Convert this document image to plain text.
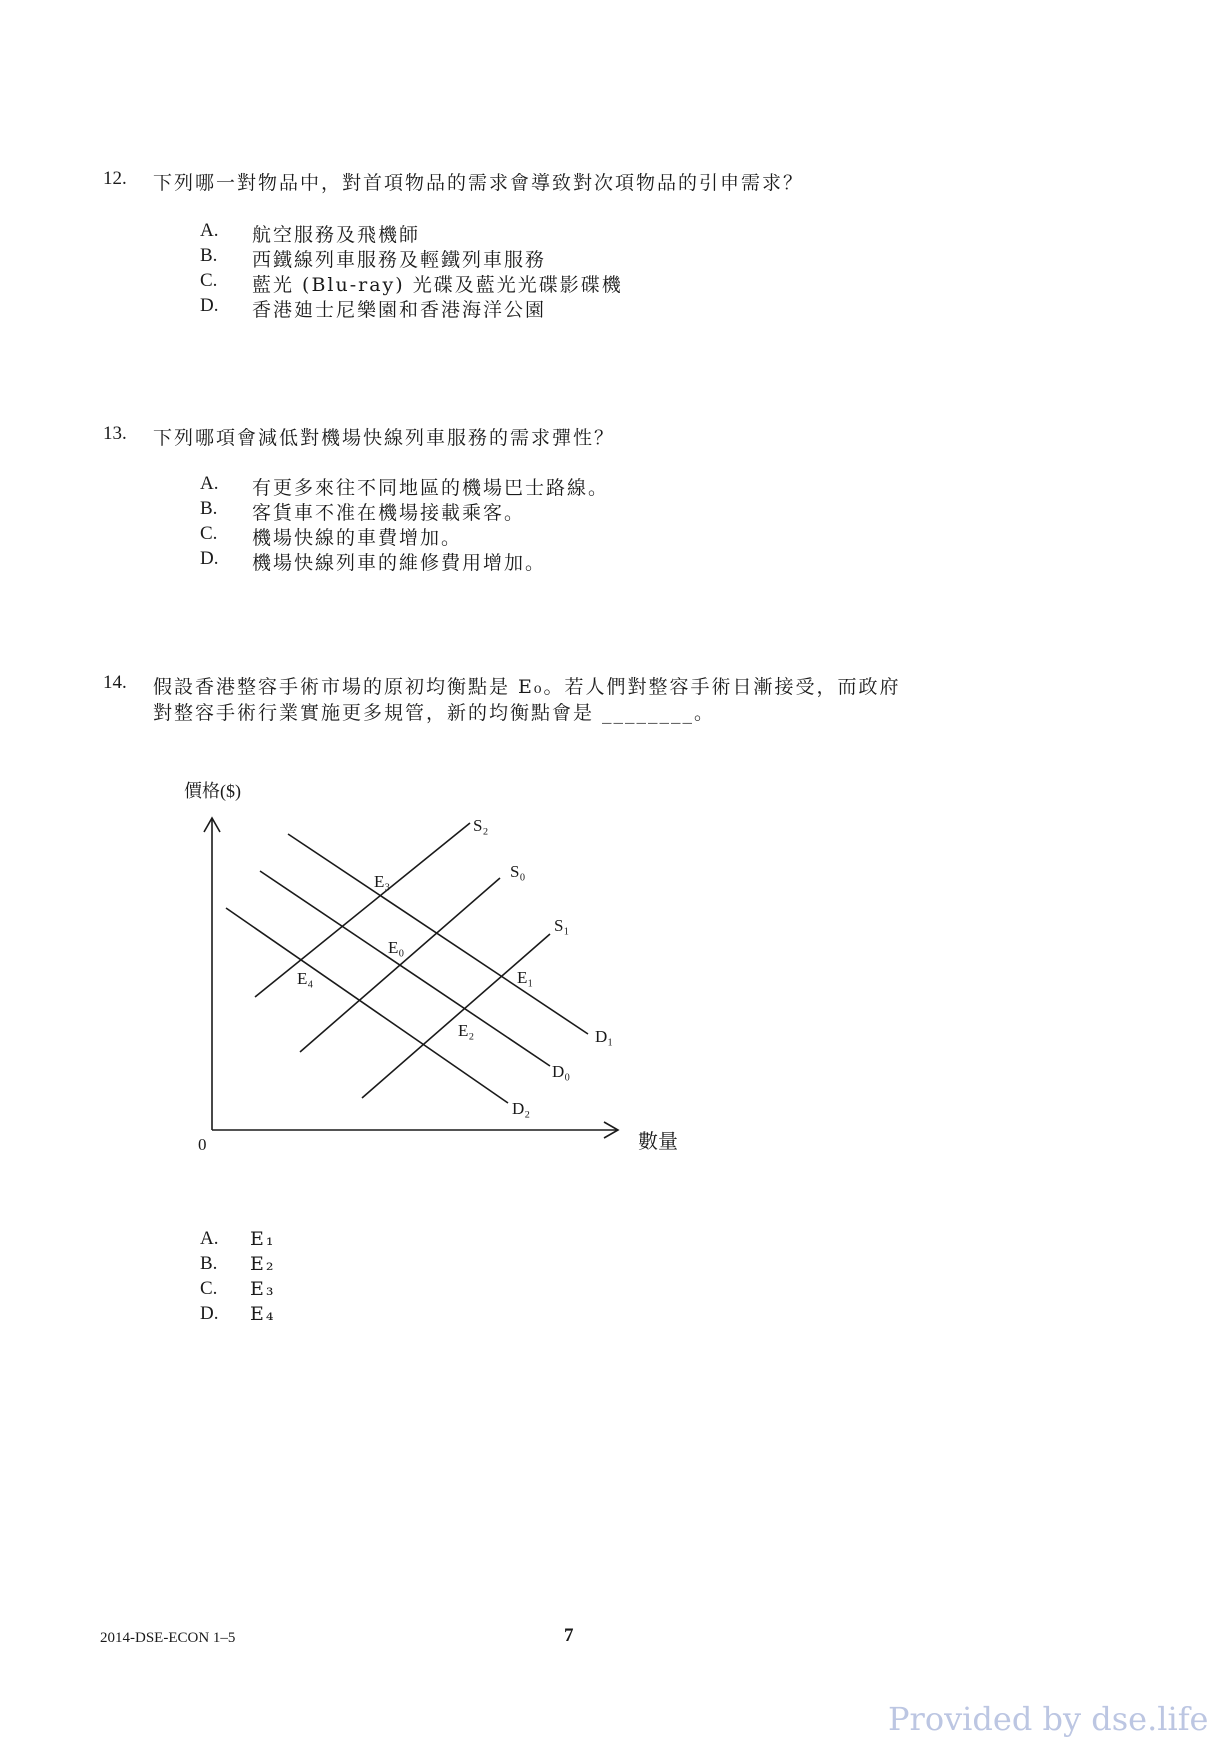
12. 下列哪一對物品中，對首項物品的需求會導致對次項物品的引申需求？
A. 航空服務及飛機師
B. 西鐵線列車服務及輕鐵列車服務
C. 藍光 (Blu-ray) 光碟及藍光光碟影碟機
D. 香港廸士尼樂園和香港海洋公園
13. 下列哪項會減低對機場快線列車服務的需求彈性？
A. 有更多來往不同地區的機場巴士路線。
B. 客貨車不准在機場接載乘客。
C. 機場快線的車費增加。
D. 機場快線列車的維修費用增加。
14. 假設香港整容手術市場的原初均衡點是 E₀。若人們對整容手術日漸接受，而政府
對整容手術行業實施更多規管，新的均衡點會是 ________。
價格($)
數量
0
S₂
S₀
S₁
D₁
D₀
D₂
E₃
E₀
E₁
E₄
E₂
A. E₁
B. E₂
C. E₃
D. E₄
2014-DSE-ECON 1–5	7
Provided by dse.life
